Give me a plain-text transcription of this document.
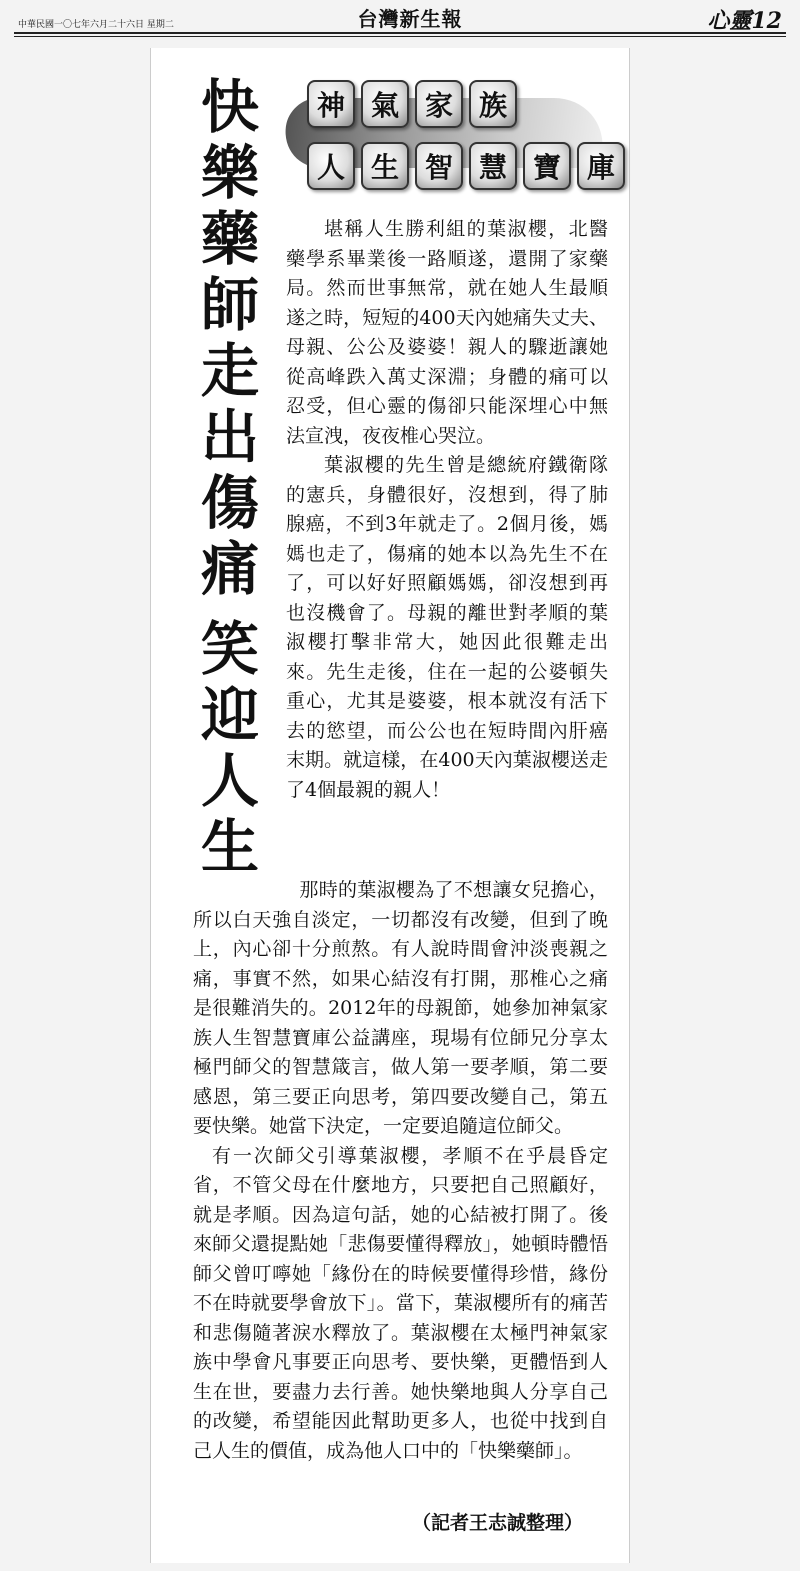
中華民國一〇七年六月二十六日 星期二	台灣新生報	心靈12
快
樂
藥
師
走
出
傷
痛
笑
迎
人
生
神 氣 家 族
人 生 智 慧 寶 庫

堪稱人生勝利組的葉淑櫻，北醫藥學系畢業後一路順遂，還開了家藥局。然而世事無常，就在她人生最順遂之時，短短的400天內她痛失丈夫、母親、公公及婆婆！親人的驟逝讓她從高峰跌入萬丈深淵；身體的痛可以忍受，但心靈的傷卻只能深埋心中無法宣洩，夜夜椎心哭泣。

葉淑櫻的先生曾是總統府鐵衛隊的憲兵，身體很好，沒想到，得了肺腺癌，不到3年就走了。2個月後，媽媽也走了，傷痛的她本以為先生不在了，可以好好照顧媽媽，卻沒想到再也沒機會了。母親的離世對孝順的葉淑櫻打擊非常大，她因此很難走出來。先生走後，住在一起的公婆頓失重心，尤其是婆婆，根本就沒有活下去的慾望，而公公也在短時間內肝癌末期。就這樣，在400天內葉淑櫻送走了4個最親的親人！

那時的葉淑櫻為了不想讓女兒擔心，所以白天強自淡定，一切都沒有改變，但到了晚上，內心卻十分煎熬。有人說時間會沖淡喪親之痛，事實不然，如果心結沒有打開，那椎心之痛是很難消失的。2012年的母親節，她參加神氣家族人生智慧寶庫公益講座，現場有位師兄分享太極門師父的智慧箴言，做人第一要孝順，第二要感恩，第三要正向思考，第四要改變自己，第五要快樂。她當下決定，一定要追隨這位師父。

有一次師父引導葉淑櫻，孝順不在乎晨昏定省，不管父母在什麼地方，只要把自己照顧好，就是孝順。因為這句話，她的心結被打開了。後來師父還提點她「悲傷要懂得釋放」，她頓時體悟師父曾叮嚀她「緣份在的時候要懂得珍惜，緣份不在時就要學會放下」。當下，葉淑櫻所有的痛苦和悲傷隨著淚水釋放了。葉淑櫻在太極門神氣家族中學會凡事要正向思考、要快樂，更體悟到人生在世，要盡力去行善。她快樂地與人分享自己的改變，希望能因此幫助更多人，也從中找到自己人生的價值，成為他人口中的「快樂藥師」。

（記者王志誠整理）
